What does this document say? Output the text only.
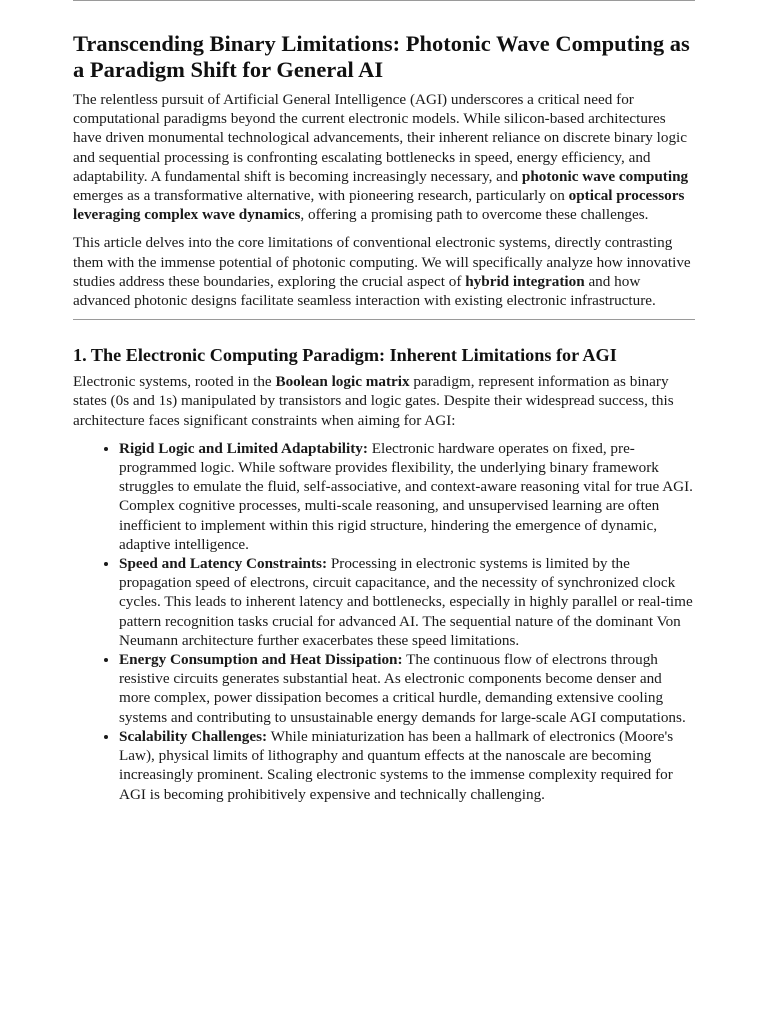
Transcending Binary Limitations: Photonic Wave Computing as a Paradigm Shift for General AI

The relentless pursuit of Artificial General Intelligence (AGI) underscores a critical need for computational paradigms beyond the current electronic models. While silicon-based architectures have driven monumental technological advancements, their inherent reliance on discrete binary logic and sequential processing is confronting escalating bottlenecks in speed, energy efficiency, and adaptability. A fundamental shift is becoming increasingly necessary, and photonic wave computing emerges as a transformative alternative, with pioneering research, particularly on optical processors leveraging complex wave dynamics, offering a promising path to overcome these challenges.

This article delves into the core limitations of conventional electronic systems, directly contrasting them with the immense potential of photonic computing. We will specifically analyze how innovative studies address these boundaries, exploring the crucial aspect of hybrid integration and how advanced photonic designs facilitate seamless interaction with existing electronic infrastructure.

1. The Electronic Computing Paradigm: Inherent Limitations for AGI

Electronic systems, rooted in the Boolean logic matrix paradigm, represent information as binary states (0s and 1s) manipulated by transistors and logic gates. Despite their widespread success, this architecture faces significant constraints when aiming for AGI:

• Rigid Logic and Limited Adaptability: Electronic hardware operates on fixed, pre-programmed logic. While software provides flexibility, the underlying binary framework struggles to emulate the fluid, self-associative, and context-aware reasoning vital for true AGI. Complex cognitive processes, multi-scale reasoning, and unsupervised learning are often inefficient to implement within this rigid structure, hindering the emergence of dynamic, adaptive intelligence.
• Speed and Latency Constraints: Processing in electronic systems is limited by the propagation speed of electrons, circuit capacitance, and the necessity of synchronized clock cycles. This leads to inherent latency and bottlenecks, especially in highly parallel or real-time pattern recognition tasks crucial for advanced AI. The sequential nature of the dominant Von Neumann architecture further exacerbates these speed limitations.
• Energy Consumption and Heat Dissipation: The continuous flow of electrons through resistive circuits generates substantial heat. As electronic components become denser and more complex, power dissipation becomes a critical hurdle, demanding extensive cooling systems and contributing to unsustainable energy demands for large-scale AGI computations.
• Scalability Challenges: While miniaturization has been a hallmark of electronics (Moore's Law), physical limits of lithography and quantum effects at the nanoscale are becoming increasingly prominent. Scaling electronic systems to the immense complexity required for AGI is becoming prohibitively expensive and technically challenging.
